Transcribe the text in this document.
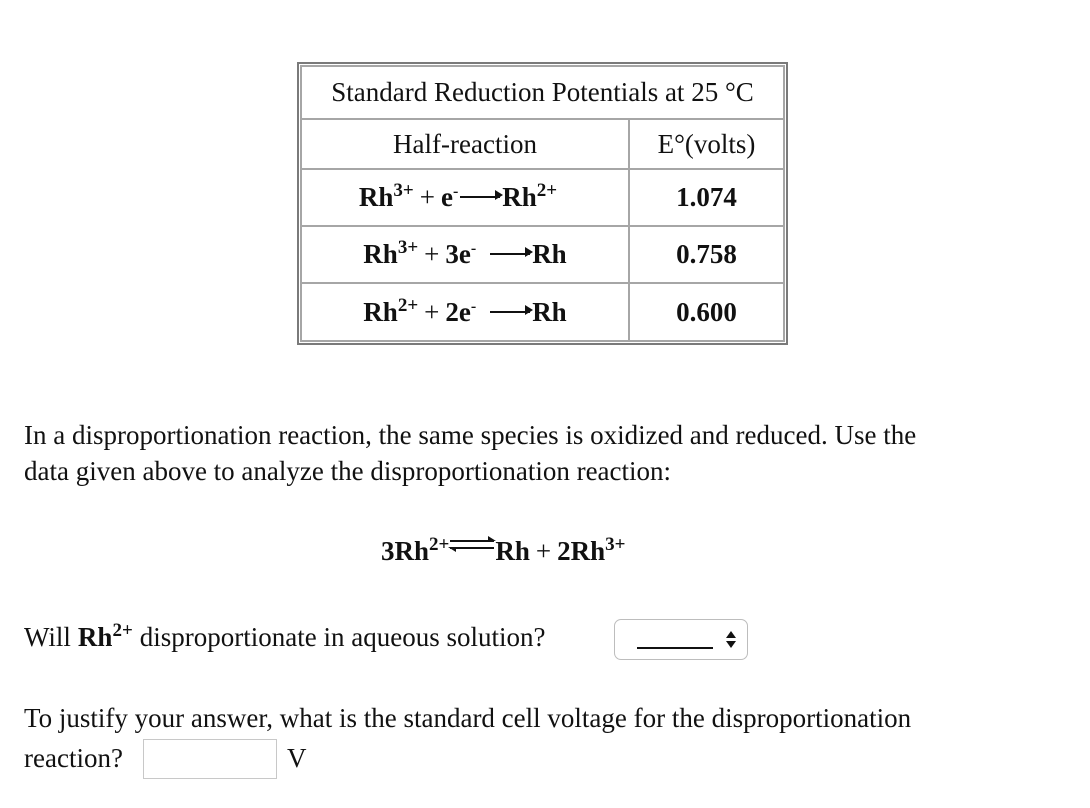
Standard Reduction Potentials at 25 °C
Half-reaction	E°(volts)
Rh 3+ + e - Rh 2+	1.074
Rh 3+ + 3e - Rh	0.758
Rh 2+ + 2e - Rh	0.600
In a disproportionation reaction, the same species is oxidized and reduced. Use the
data given above to analyze the disproportionation reaction:
3Rh 2+ ⇌ Rh + 2Rh 3+
Will Rh 2+ disproportionate in aqueous solution?
To justify your answer, what is the standard cell voltage for the disproportionation
reaction?	V
